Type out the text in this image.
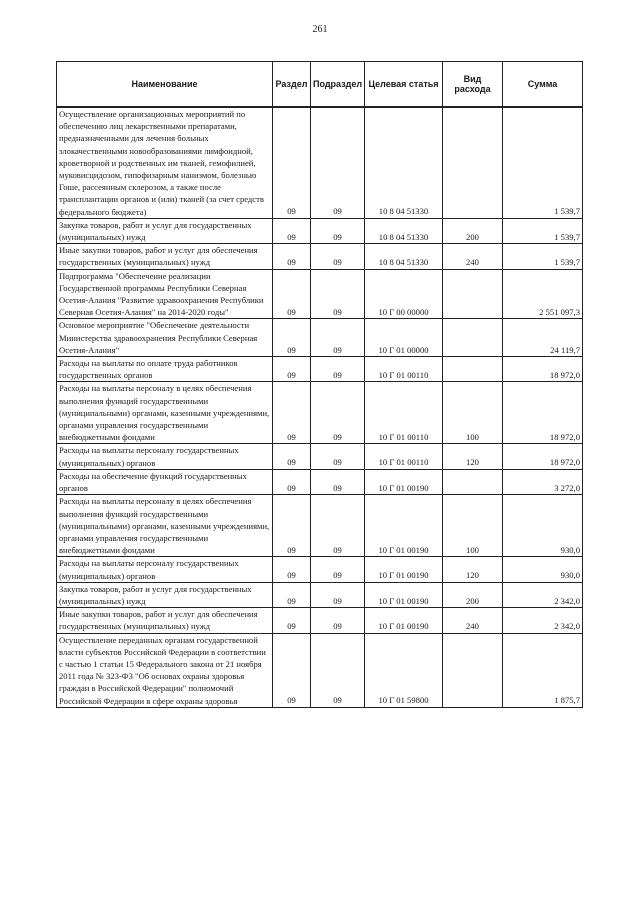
261
Наименование	Раздел	Подраздел	Целевая статья	Вид расхода	Сумма
Осуществление организационных мероприятий по обеспечению лиц лекарственными препаратами, предназначенными для лечения больных злокачественными новообразованиями лимфоидной, кроветворной и родственных им тканей, гемофилией, муковисцидозом, гипофизарным нанизмом, болезнью Гоше, рассеянным склерозом, а также после трансплантации органов и (или) тканей (за счет средств федерального бюджета)	09	09	10 8 04 51330		1 539,7
Закупка товаров, работ и услуг для государственных (муниципальных) нужд	09	09	10 8 04 51330	200	1 539,7
Иные закупки товаров, работ и услуг для обеспечения государственных (муниципальных) нужд	09	09	10 8 04 51330	240	1 539,7
Подпрограмма "Обеспечение реализации Государственной программы Республики Северная Осетия-Алания "Развитие здравоохранения Республики Северная Осетия-Алания" на 2014-2020 годы"	09	09	10 Г 00 00000		2 551 097,3
Основное мероприятие "Обеспечение деятельности Министерства здравоохранения Республики Северная Осетия-Алания"	09	09	10 Г 01 00000		24 119,7
Расходы на выплаты по оплате труда работников государственных органов	09	09	10 Г 01 00110		18 972,0
Расходы на выплаты персоналу в целях обеспечения выполнения функций государственными (муниципальными) органами, казенными учреждениями, органами управления государственными внебюджетными фондами	09	09	10 Г 01 00110	100	18 972,0
Расходы на выплаты персоналу государственных (муниципальных) органов	09	09	10 Г 01 00110	120	18 972,0
Расходы на обеспечение функций государственных органов	09	09	10 Г 01 00190		3 272,0
Расходы на выплаты персоналу в целях обеспечения выполнения функций государственными (муниципальными) органами, казенными учреждениями, органами управления государственными внебюджетными фондами	09	09	10 Г 01 00190	100	930,0
Расходы на выплаты персоналу государственных (муниципальных) органов	09	09	10 Г 01 00190	120	930,0
Закупка товаров, работ и услуг для государственных (муниципальных) нужд	09	09	10 Г 01 00190	200	2 342,0
Иные закупки товаров, работ и услуг для обеспечения государственных (муниципальных) нужд	09	09	10 Г 01 00190	240	2 342,0
Осуществление переданных органам государственной власти субъектов Российской Федерации в соответствии с частью 1 статьи 15 Федерального закона от 21 ноября 2011 года № 323-ФЗ "Об основах охраны здоровья граждан в Российской Федерации" полномочий Российской Федерации в сфере охраны здоровья	09	09	10 Г 01 59800		1 875,7
